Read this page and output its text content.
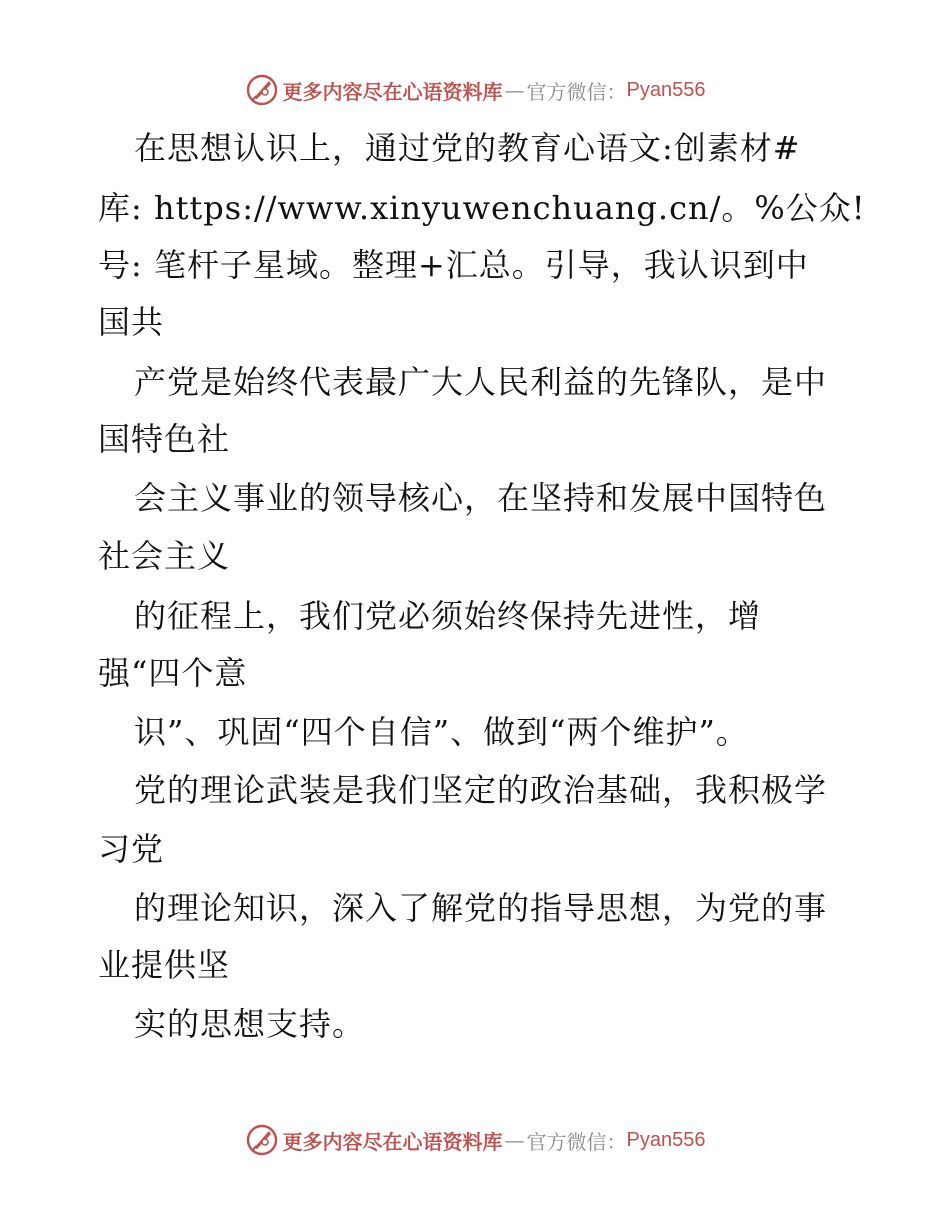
更多内容尽在心语资料库 — 官方微信： Pyan556
在思想认识上，通过党的教育心语文:创素材#
库: https://www.xinyuwenchuang.cn/。%公众!
号: 笔杆子星域。整理+汇总。引导，我认识到中
国共
产党是始终代表最广大人民利益的先锋队，是中
国特色社
会主义事业的领导核心，在坚持和发展中国特色
社会主义
的征程上，我们党必须始终保持先进性，增
强“四个意
识”、巩固“四个自信”、做到“两个维护”。
党的理论武装是我们坚定的政治基础，我积极学
习党
的理论知识，深入了解党的指导思想，为党的事
业提供坚
实的思想支持。
更多内容尽在心语资料库 — 官方微信： Pyan556
